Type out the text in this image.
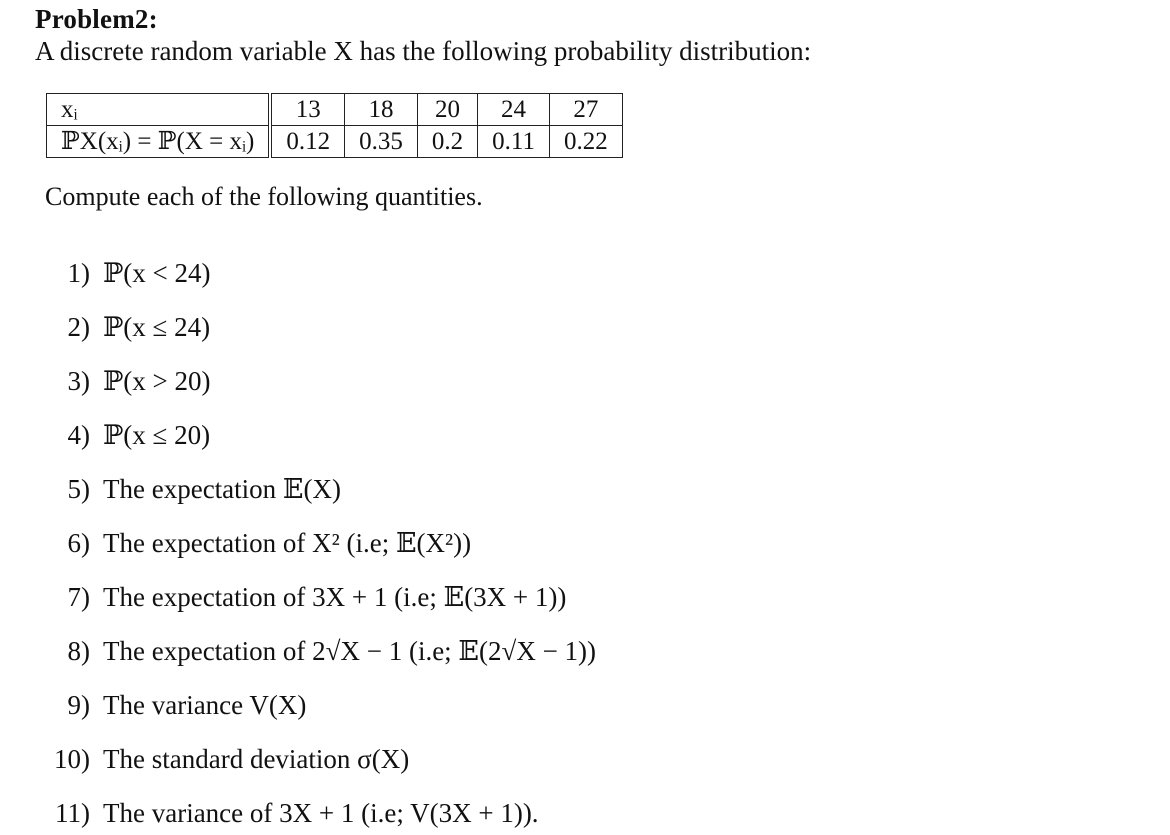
Problem2:
A discrete random variable X has the following probability distribution:
xᵢ		13	18	20	24	27
ℙX(xᵢ) = ℙ(X = xᵢ)		0.12	0.35	0.2	0.11	0.22
Compute each of the following quantities.
1) ℙ(x < 24)
2) ℙ(x ≤ 24)
3) ℙ(x > 20)
4) ℙ(x ≤ 20)
5) The expectation 𝔼(X)
6) The expectation of X² (i.e; 𝔼(X²))
7) The expectation of 3X + 1 (i.e; 𝔼(3X + 1))
8) The expectation of 2√X − 1 (i.e; 𝔼(2√X − 1))
9) The variance V(X)
10) The standard deviation σ(X)
11) The variance of 3X + 1 (i.e; V(3X + 1)).
